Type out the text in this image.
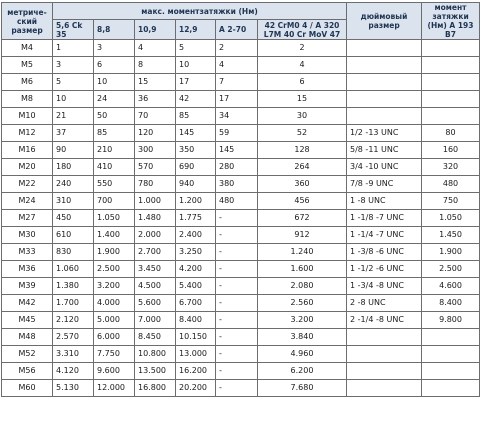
метриче-ский размер	макс. моментзатяжки (Нм)						дюймовый размер	момент затяжки (Нм) А 193 B7
	5,6 Ck 35	8,8	10,9	12,9	А 2-70	42 CrM0 4 / А 320 L7M 40 Cr MoV 47		
M4	1	3	4	5	2	2		
M5	3	6	8	10	4	4		
M6	5	10	15	17	7	6		
M8	10	24	36	42	17	15		
M10	21	50	70	85	34	30		
M12	37	85	120	145	59	52	1/2 -13 UNC	80
M16	90	210	300	350	145	128	5/8 -11 UNC	160
M20	180	410	570	690	280	264	3/4 -10 UNC	320
M22	240	550	780	940	380	360	7/8 -9 UNC	480
M24	310	700	1.000	1.200	480	456	1 -8 UNC	750
M27	450	1.050	1.480	1.775	-	672	1 -1/8 -7 UNC	1.050
M30	610	1.400	2.000	2.400	-	912	1 -1/4 -7 UNC	1.450
M33	830	1.900	2.700	3.250	-	1.240	1 -3/8 -6 UNC	1.900
M36	1.060	2.500	3.450	4.200	-	1.600	1 -1/2 -6 UNC	2.500
M39	1.380	3.200	4.500	5.400	-	2.080	1 -3/4 -8 UNC	4.600
M42	1.700	4.000	5.600	6.700	-	2.560	2 -8 UNC	8.400
M45	2.120	5.000	7.000	8.400	-	3.200	2 -1/4 -8 UNC	9.800
M48	2.570	6.000	8.450	10.150	-	3.840		
M52	3.310	7.750	10.800	13.000	-	4.960		
M56	4.120	9.600	13.500	16.200	-	6.200		
M60	5.130	12.000	16.800	20.200	-	7.680		
